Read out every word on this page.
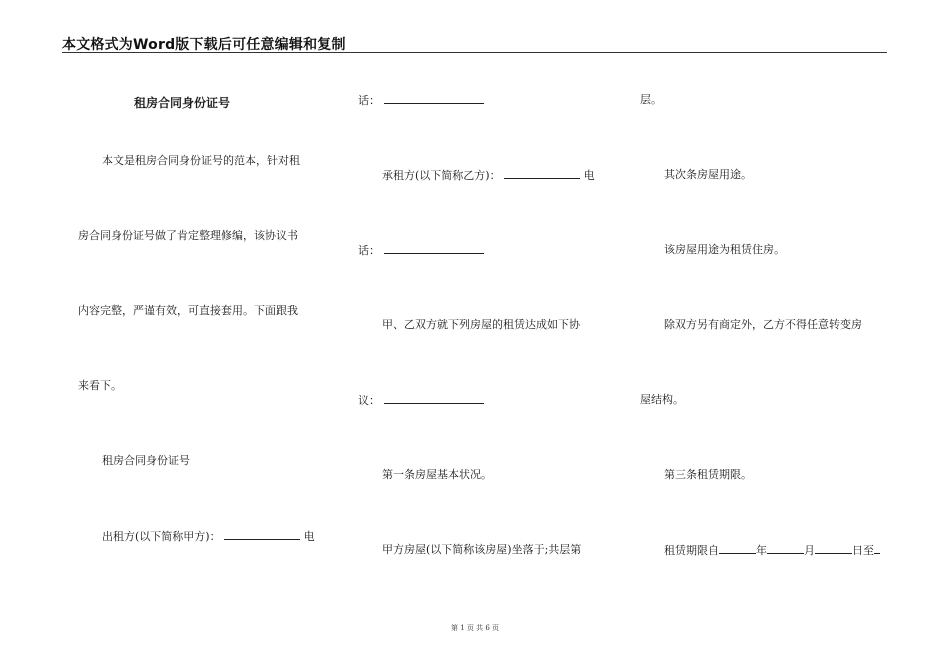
本文格式为Word版下载后可任意编辑和复制
租房合同身份证号
本文是租房合同身份证号的范本，针对租
房合同身份证号做了肯定整理修编，该协议书
内容完整，严谨有效，可直接套用。下面跟我
来看下。
租房合同身份证号
出租方(以下简称甲方)：	电
话：
承租方(以下简称乙方)：	电
话：
甲、乙双方就下列房屋的租赁达成如下协
议：
第一条房屋基本状况。
甲方房屋(以下简称该房屋)坐落于;共层第
层。
其次条房屋用途。
该房屋用途为租赁住房。
除双方另有商定外，乙方不得任意转变房
屋结构。
第三条租赁期限。
租赁期限自	年	月	日至
第 1 页 共 6 页
